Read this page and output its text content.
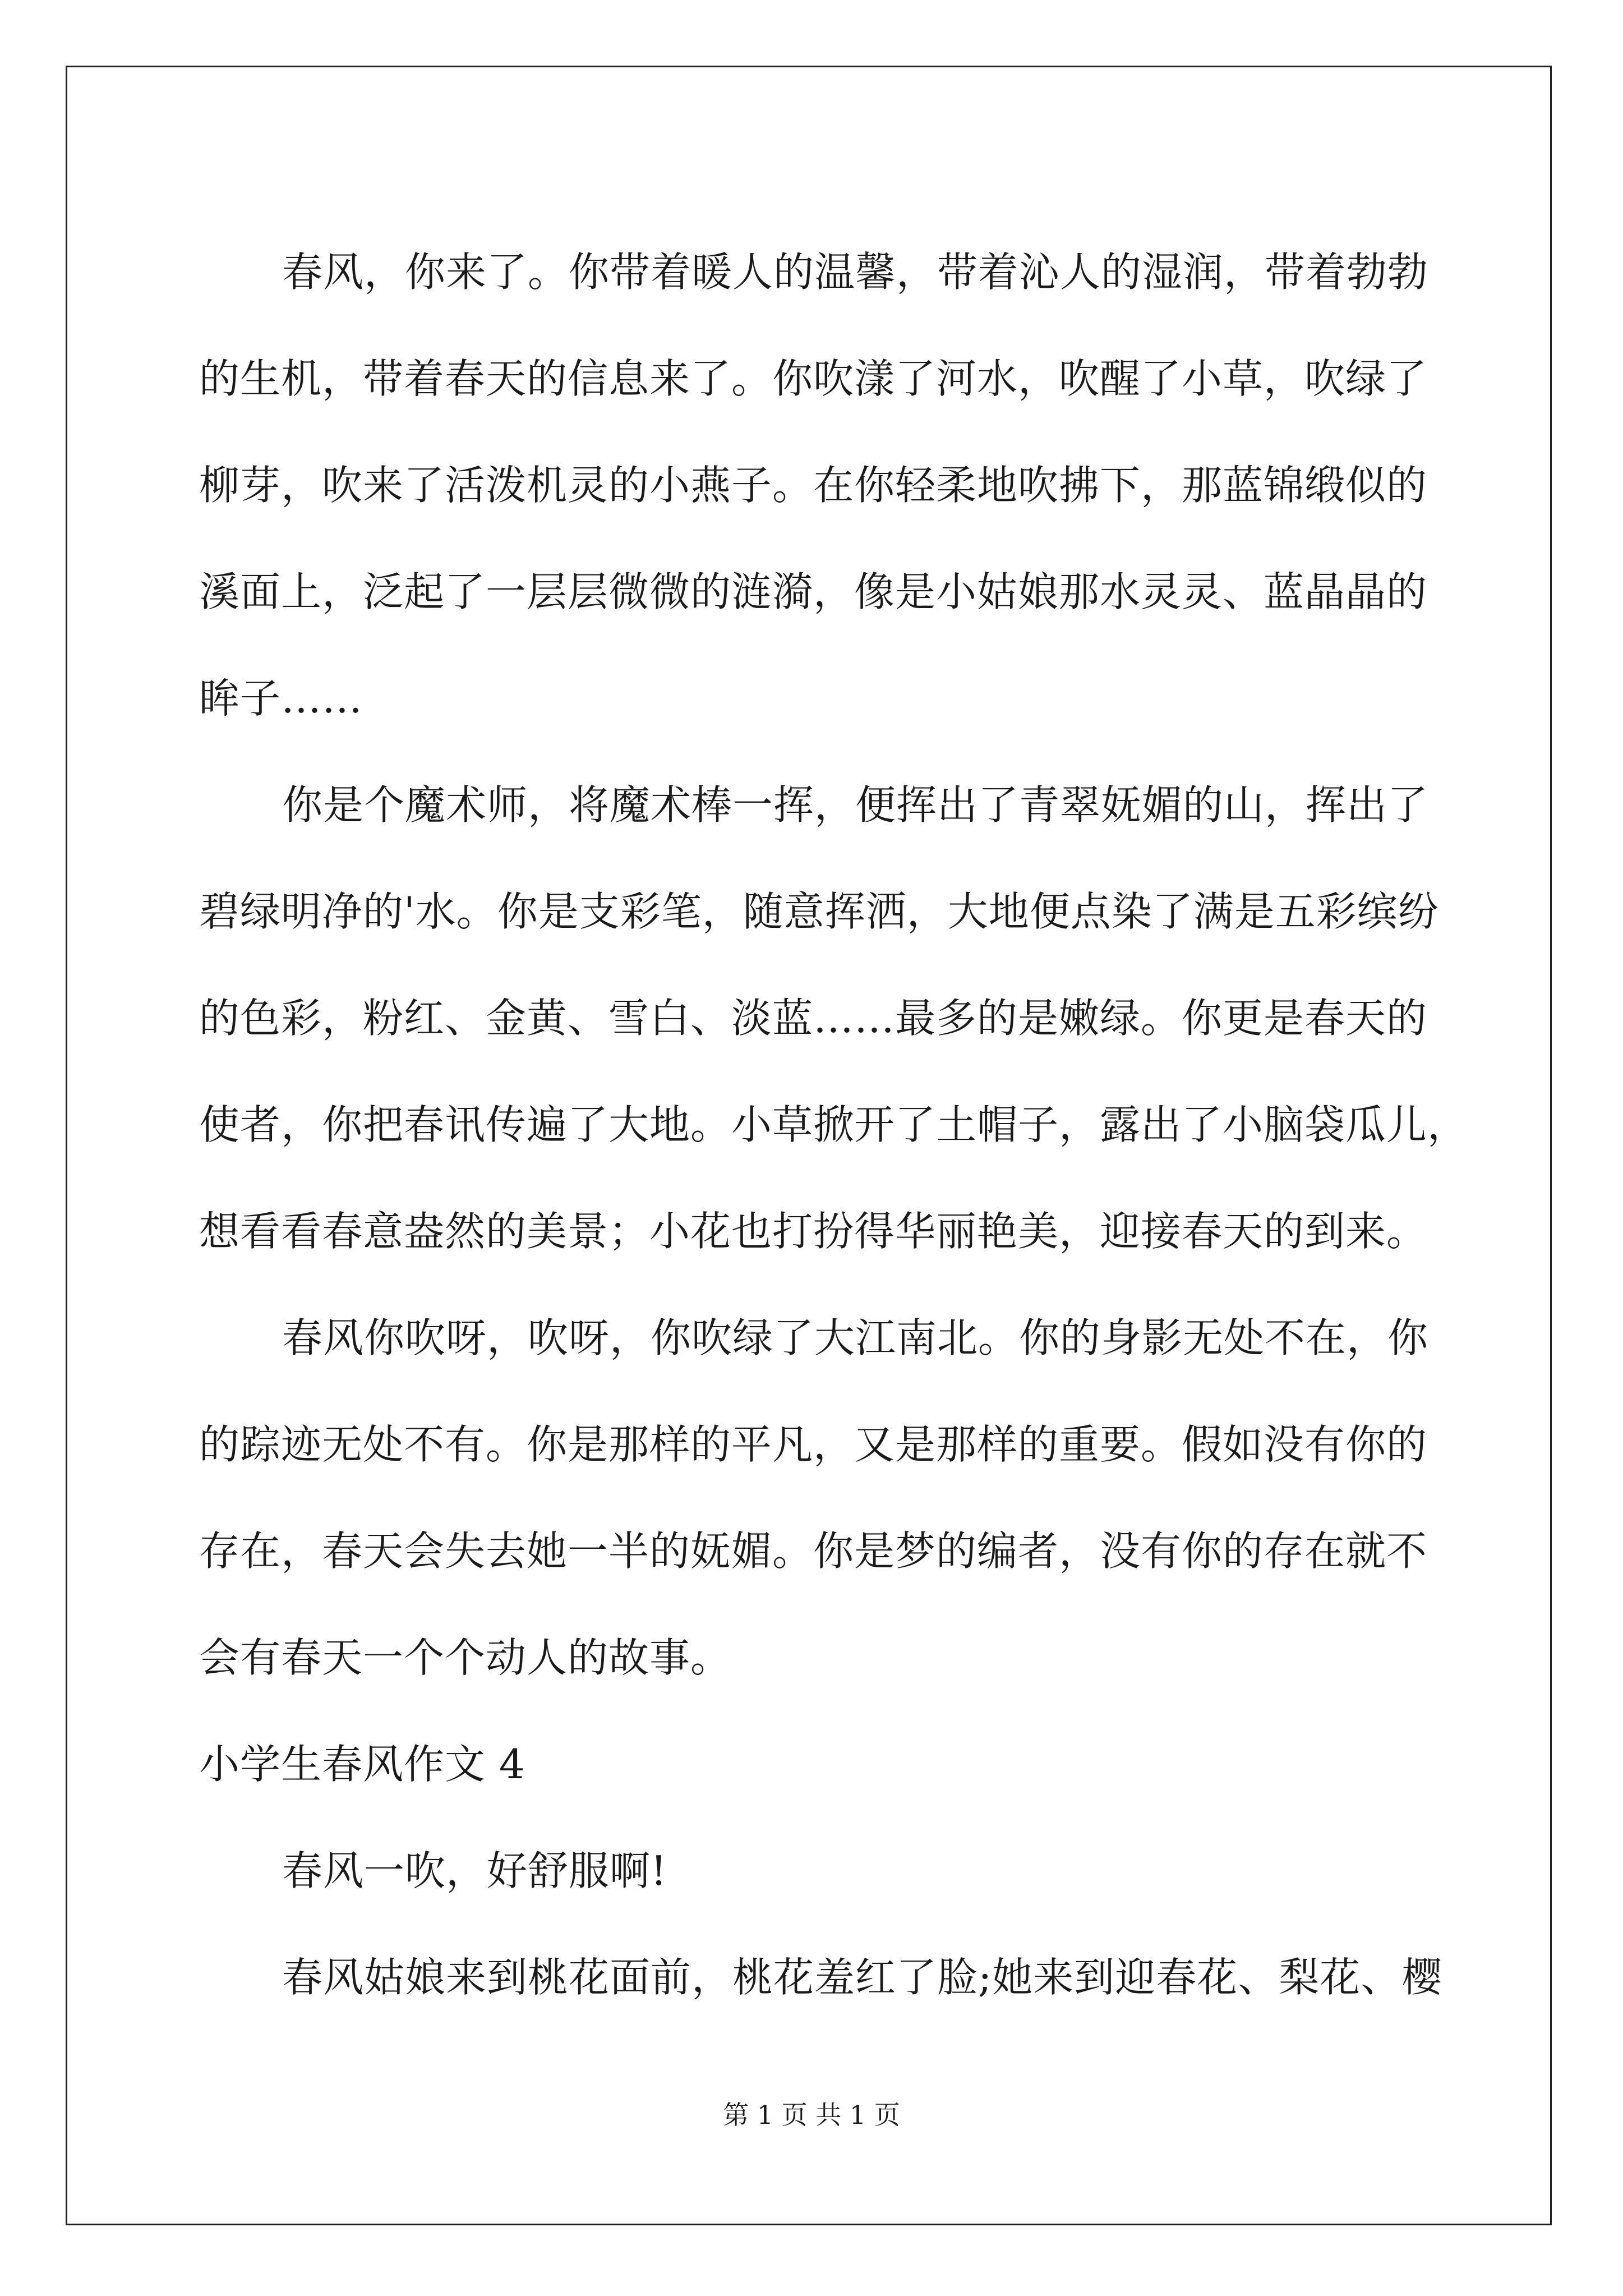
春风，你来了。你带着暖人的温馨，带着沁人的湿润，带着勃勃
的生机，带着春天的信息来了。你吹漾了河水，吹醒了小草，吹绿了
柳芽，吹来了活泼机灵的小燕子。在你轻柔地吹拂下，那蓝锦缎似的
溪面上，泛起了一层层微微的涟漪，像是小姑娘那水灵灵、蓝晶晶的
眸子……
你是个魔术师，将魔术棒一挥，便挥出了青翠妩媚的山，挥出了
碧绿明净的'水。你是支彩笔，随意挥洒，大地便点染了满是五彩缤纷
的色彩，粉红、金黄、雪白、淡蓝……最多的是嫩绿。你更是春天的
使者，你把春讯传遍了大地。小草掀开了土帽子，露出了小脑袋瓜儿，
想看看春意盎然的美景；小花也打扮得华丽艳美，迎接春天的到来。
春风你吹呀，吹呀，你吹绿了大江南北。你的身影无处不在，你
的踪迹无处不有。你是那样的平凡，又是那样的重要。假如没有你的
存在，春天会失去她一半的妩媚。你是梦的编者，没有你的存在就不
会有春天一个个动人的故事。
小学生春风作文 4
春风一吹，好舒服啊!
春风姑娘来到桃花面前，桃花羞红了脸;她来到迎春花、梨花、樱
第 1 页 共 1 页
